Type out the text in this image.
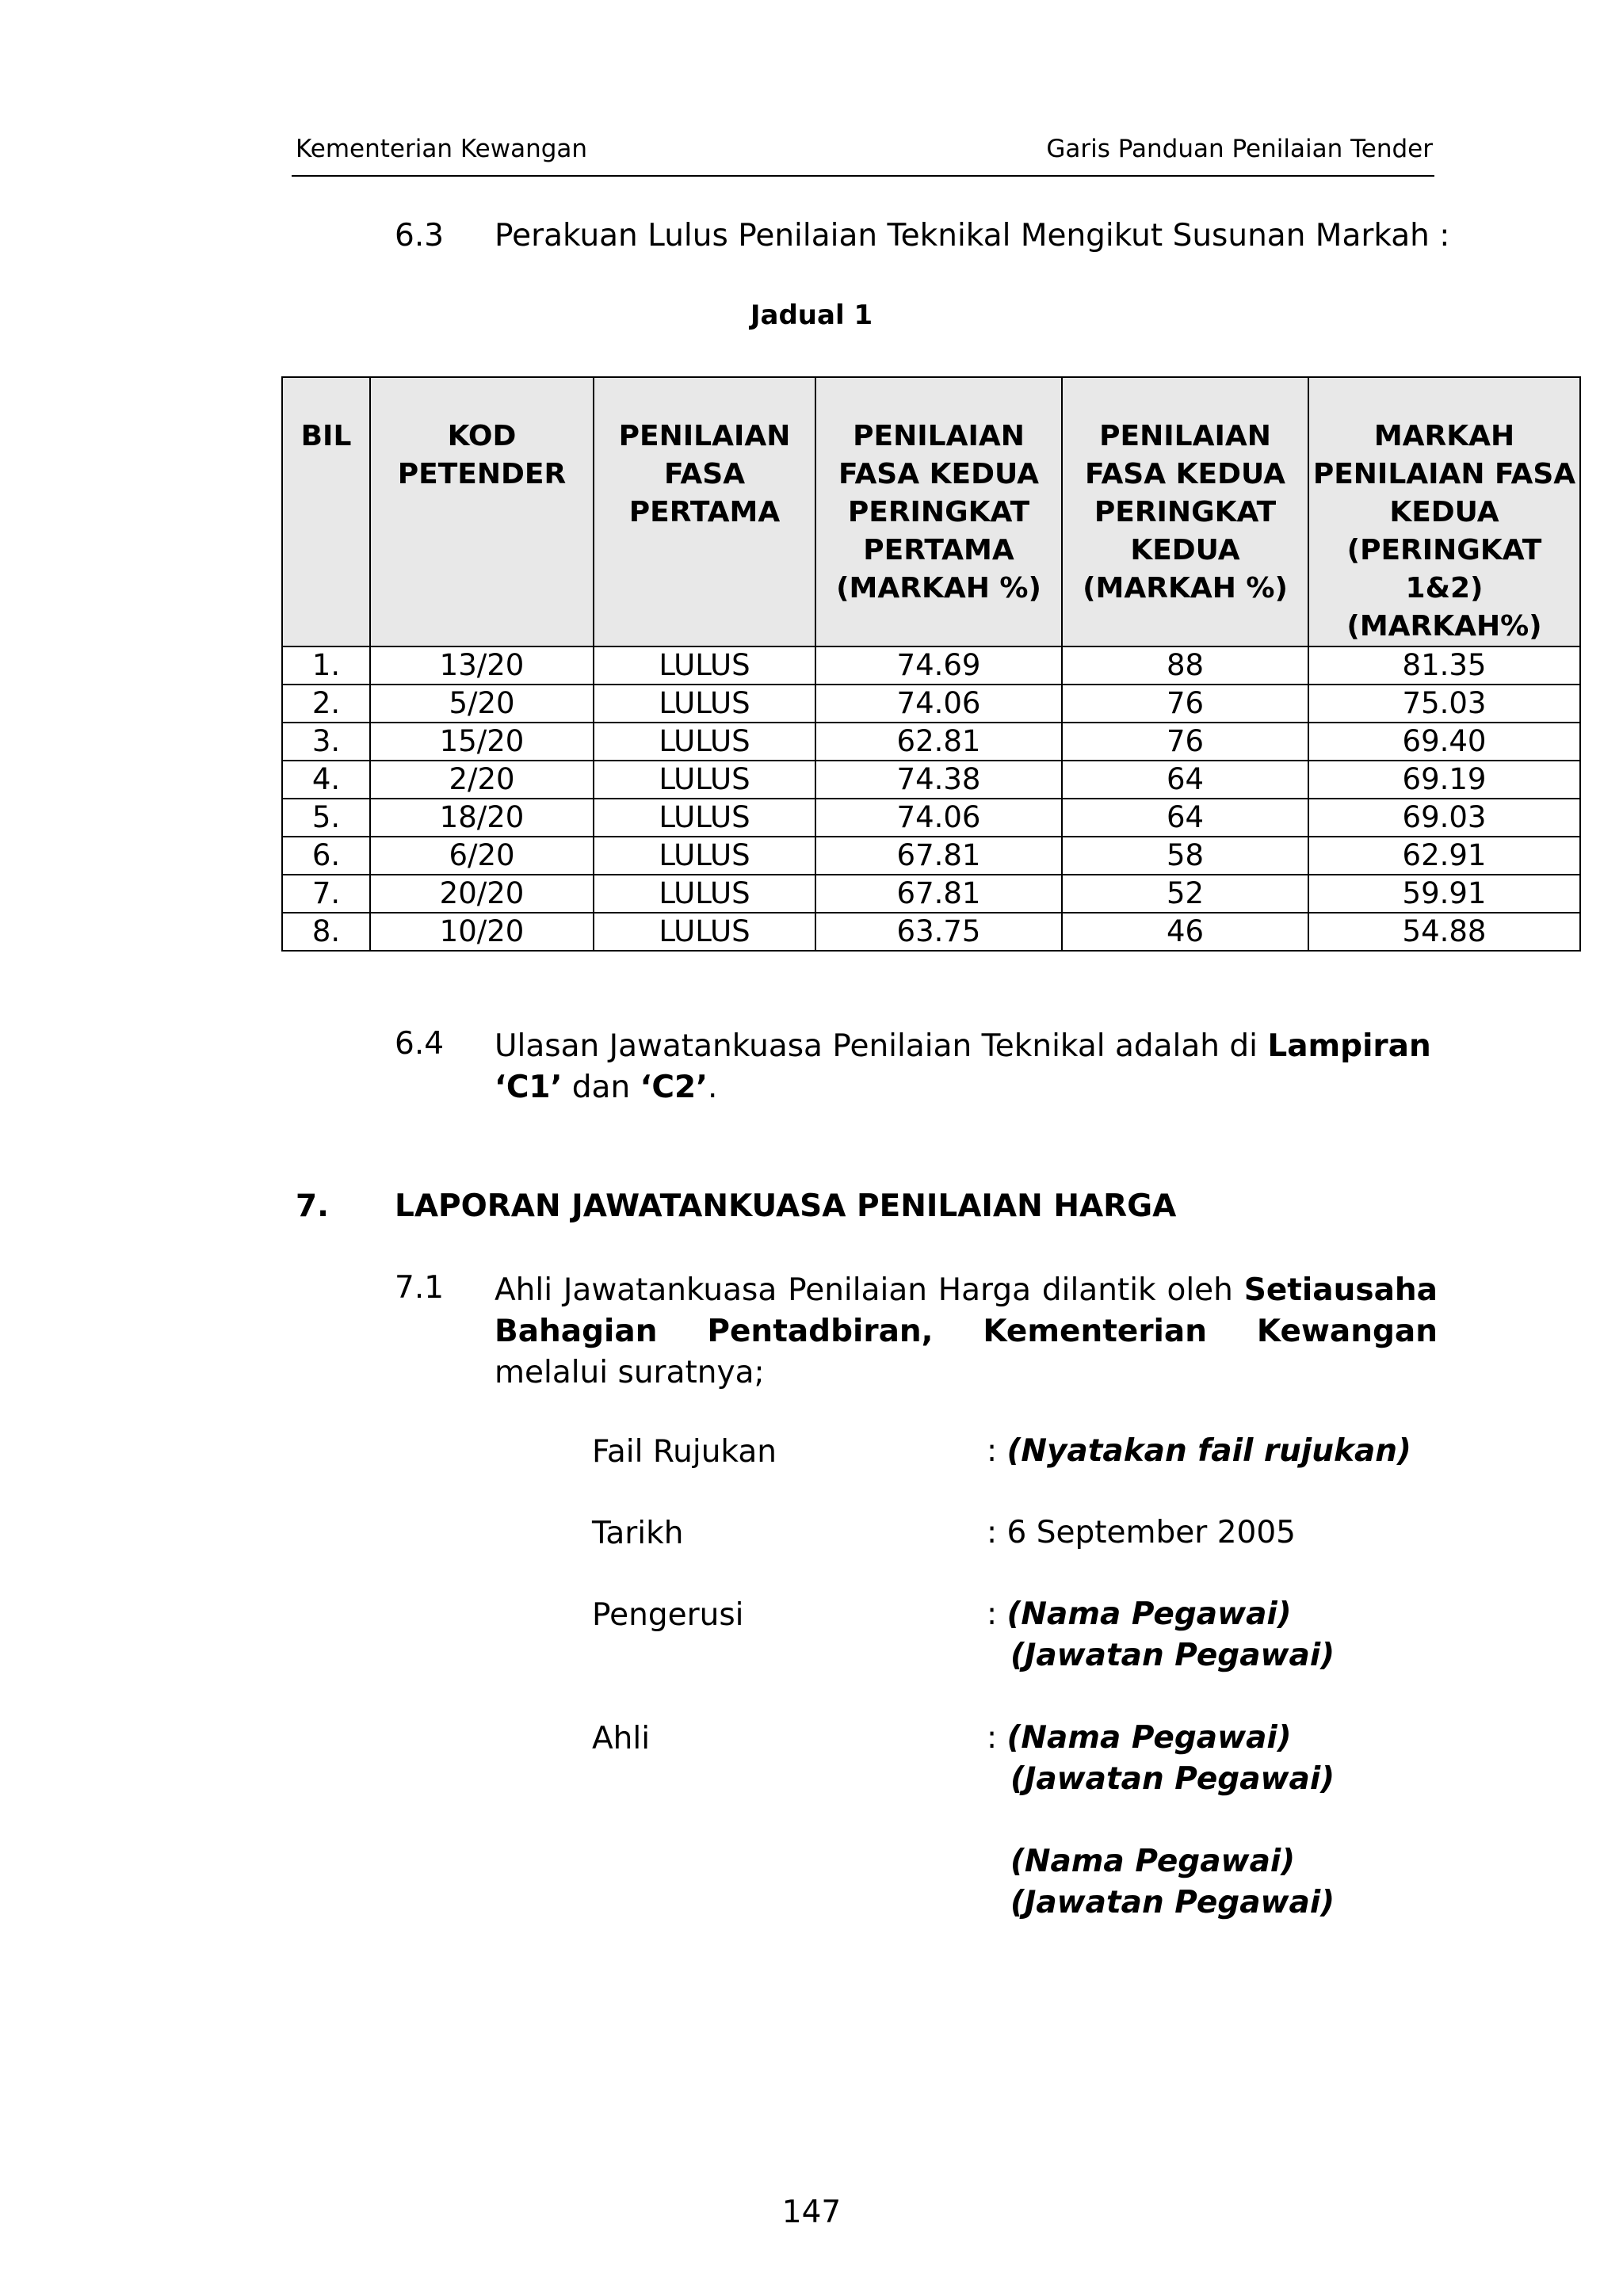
Kementerian Kewangan	Garis Panduan Penilaian Tender
6.3 Perakuan Lulus Penilaian Teknikal Mengikut Susunan Markah :
Jadual 1
BIL	KOD PETENDER	PENILAIAN FASA PERTAMA	PENILAIAN FASA KEDUA PERINGKAT PERTAMA (MARKAH %)	PENILAIAN FASA KEDUA PERINGKAT KEDUA (MARKAH %)	MARKAH PENILAIAN FASA KEDUA (PERINGKAT 1&2) (MARKAH%)
1.	13/20	LULUS	74.69	88	81.35
2.	5/20	LULUS	74.06	76	75.03
3.	15/20	LULUS	62.81	76	69.40
4.	2/20	LULUS	74.38	64	69.19
5.	18/20	LULUS	74.06	64	69.03
6.	6/20	LULUS	67.81	58	62.91
7.	20/20	LULUS	67.81	52	59.91
8.	10/20	LULUS	63.75	46	54.88
6.4 Ulasan Jawatankuasa Penilaian Teknikal adalah di Lampiran ‘C1’ dan ‘C2’.
7. LAPORAN JAWATANKUASA PENILAIAN HARGA
7.1 Ahli Jawatankuasa Penilaian Harga dilantik oleh Setiausaha Bahagian Pentadbiran, Kementerian Kewangan melalui suratnya;
Fail Rujukan	: (Nyatakan fail rujukan)
Tarikh	: 6 September 2005
Pengerusi	: (Nama Pegawai)
(Jawatan Pegawai)
Ahli	: (Nama Pegawai)
(Jawatan Pegawai)
(Nama Pegawai)
(Jawatan Pegawai)
147
